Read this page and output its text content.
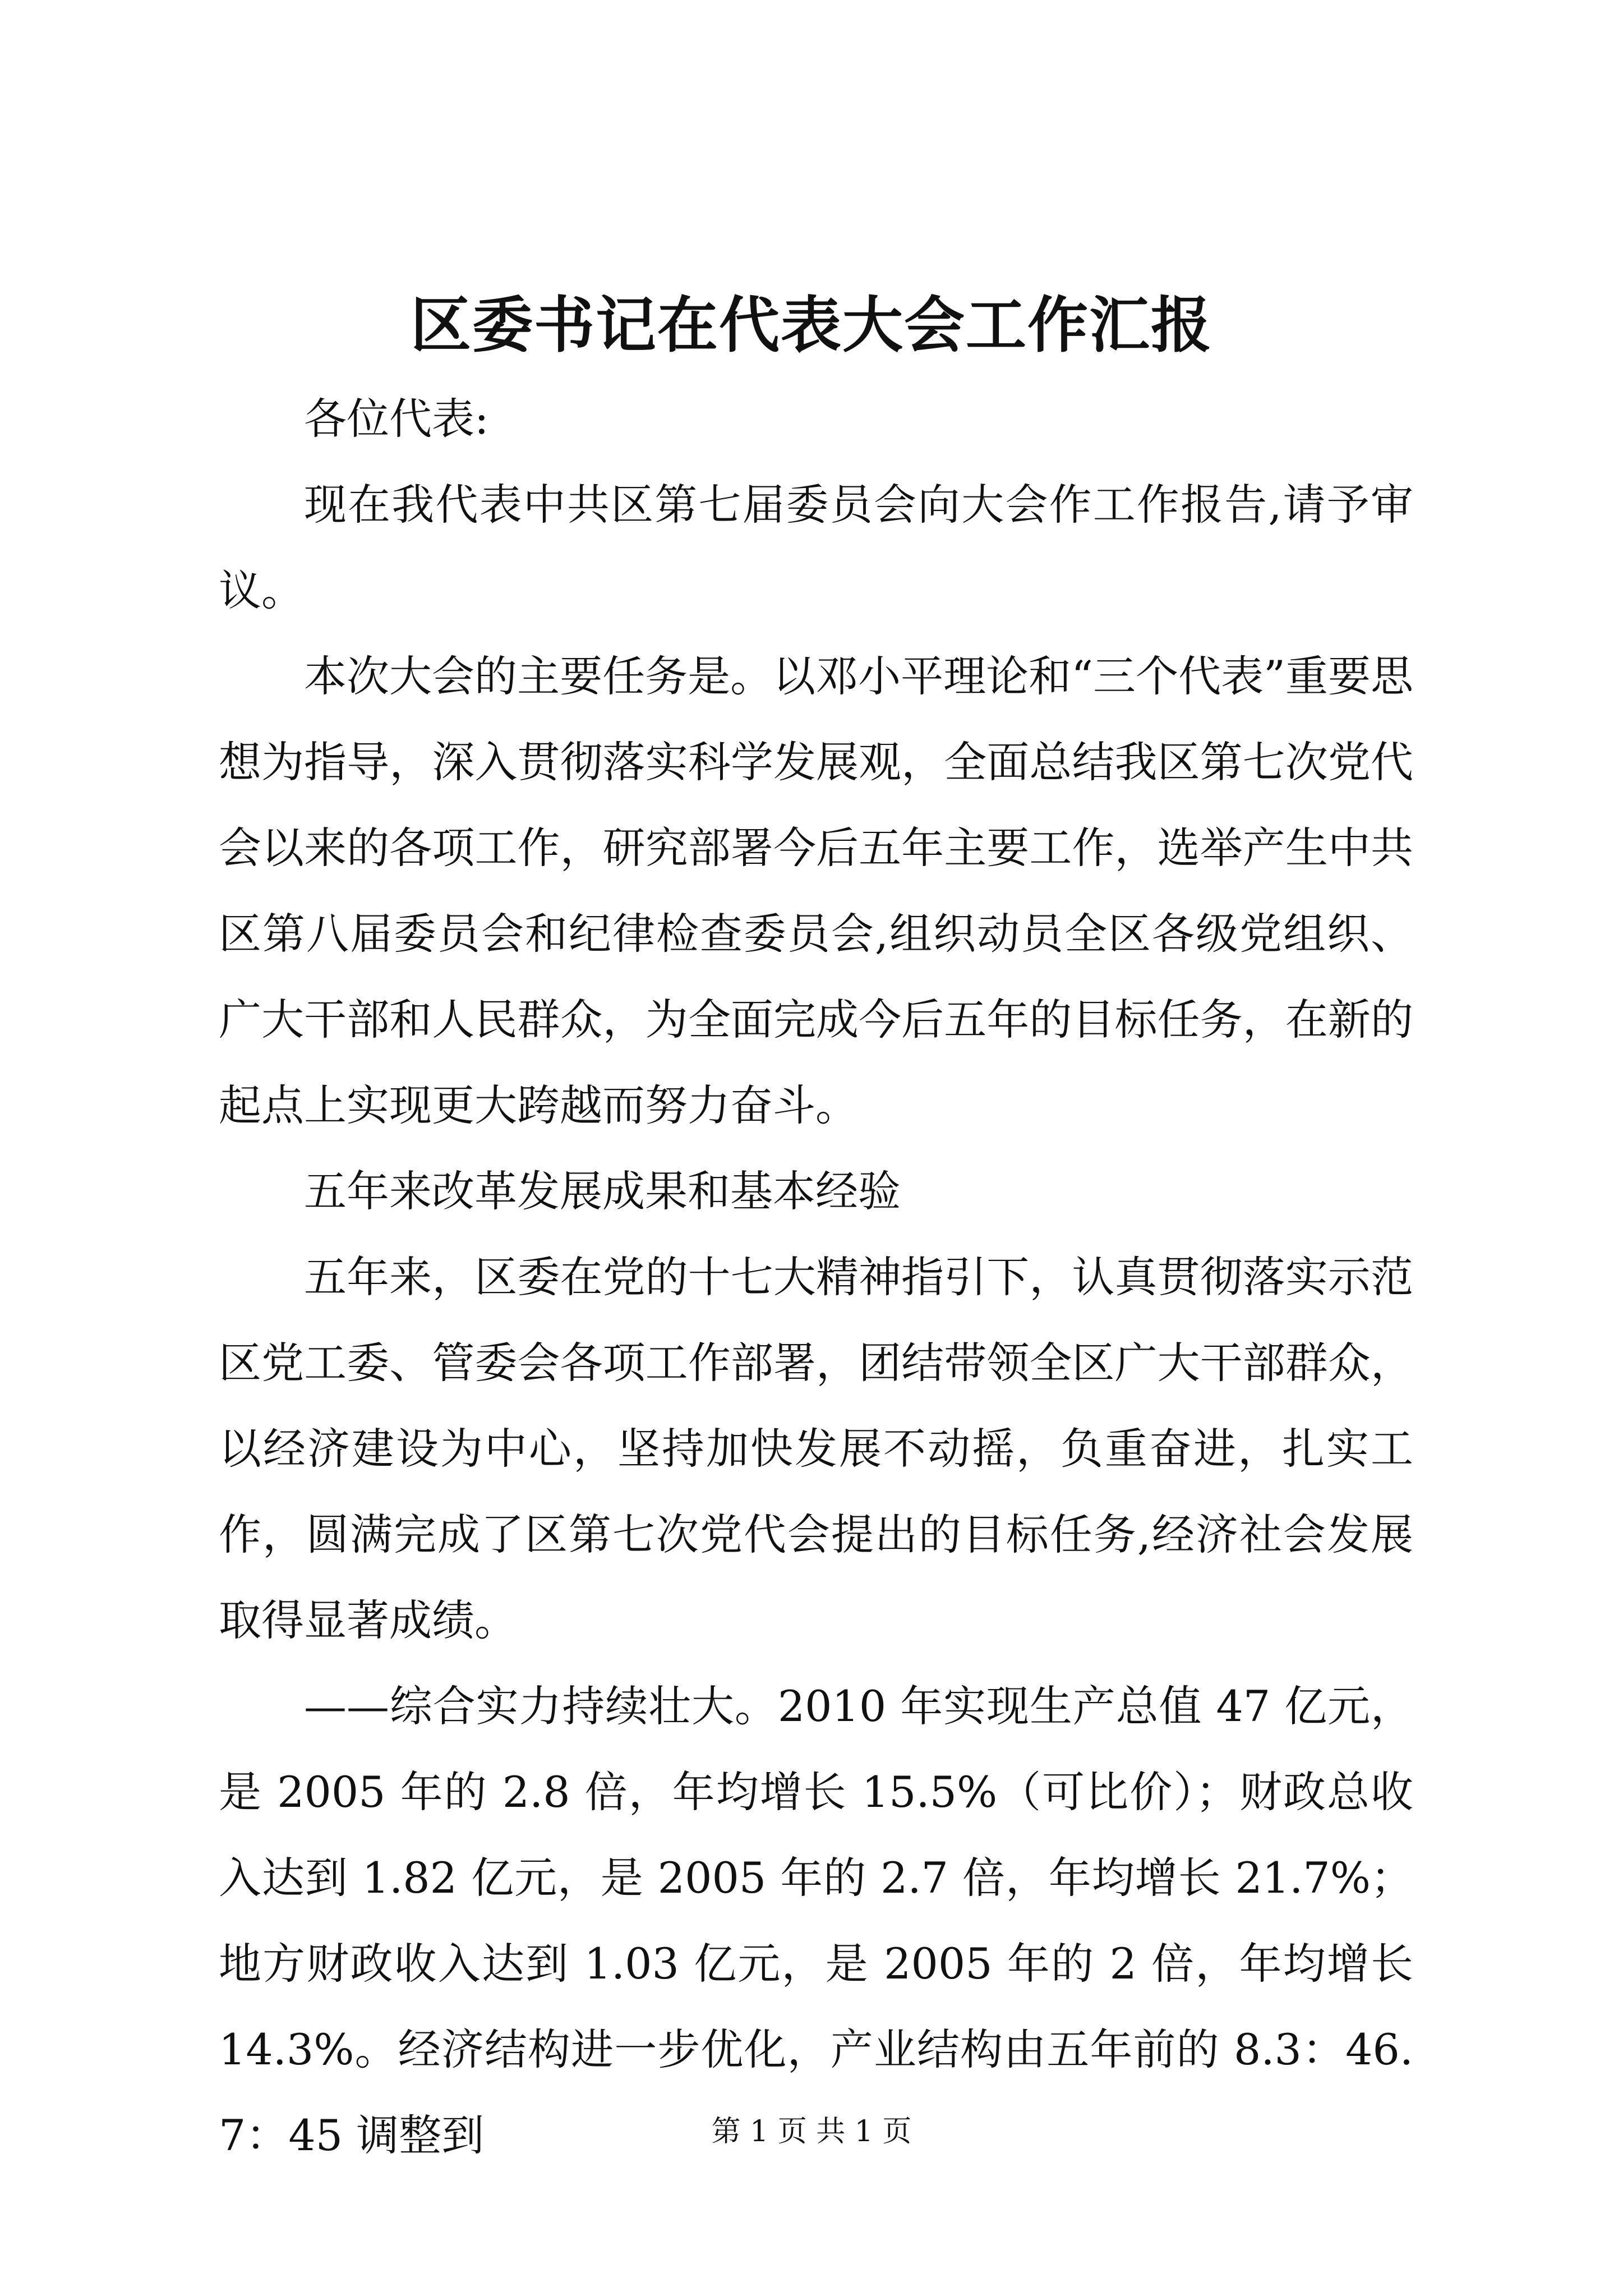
区委书记在代表大会工作汇报

各位代表:

现在我代表中共区第七届委员会向大会作工作报告,请予审议。

本次大会的主要任务是。以邓小平理论和“三个代表”重要思想为指导，深入贯彻落实科学发展观，全面总结我区第七次党代会以来的各项工作，研究部署今后五年主要工作，选举产生中共区第八届委员会和纪律检查委员会,组织动员全区各级党组织、广大干部和人民群众，为全面完成今后五年的目标任务，在新的起点上实现更大跨越而努力奋斗。

五年来改革发展成果和基本经验

五年来，区委在党的十七大精神指引下，认真贯彻落实示范区党工委、管委会各项工作部署，团结带领全区广大干部群众，以经济建设为中心，坚持加快发展不动摇，负重奋进，扎实工作，圆满完成了区第七次党代会提出的目标任务,经济社会发展取得显著成绩。

——综合实力持续壮大。2010 年实现生产总值 47 亿元，是 2005 年的 2.8 倍，年均增长 15.5%（可比价）；财政总收入达到 1.82 亿元，是 2005 年的 2.7 倍，年均增长 21.7%；地方财政收入达到 1.03 亿元，是 2005 年的 2 倍，年均增长 14.3%。经济结构进一步优化，产业结构由五年前的 8.3：46.7：45 调整到	第 1 页 共 1 页
